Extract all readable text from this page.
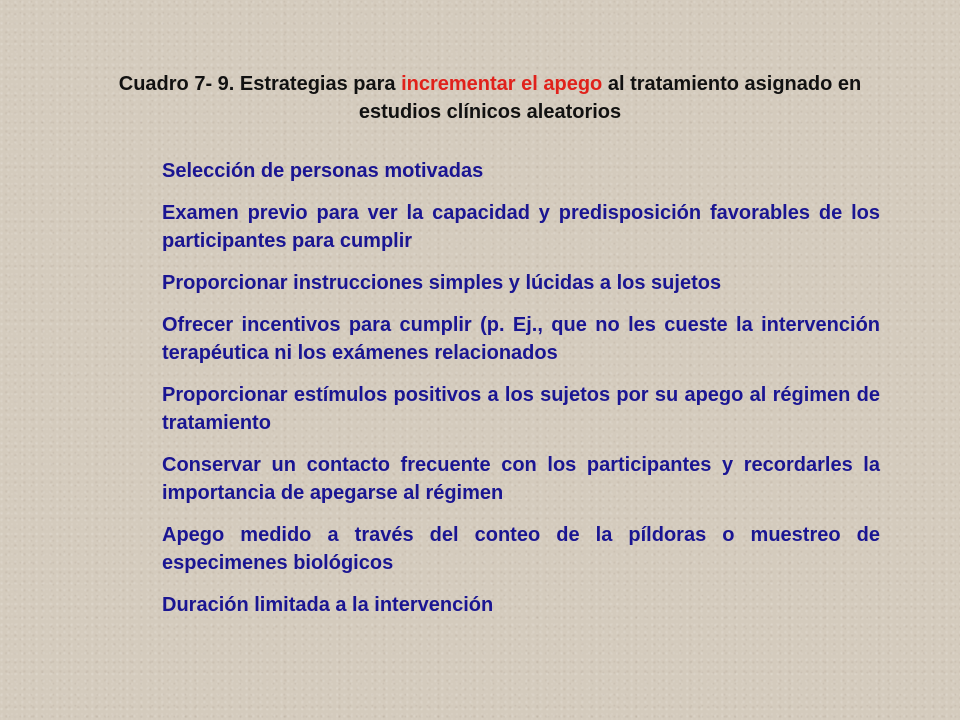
Cuadro 7- 9. Estrategias para incrementar el apego al tratamiento asignado en estudios clínicos aleatorios
Selección de personas motivadas
Examen previo para ver la capacidad y predisposición favorables de los participantes para cumplir
Proporcionar instrucciones simples y lúcidas a los sujetos
Ofrecer incentivos para cumplir (p. Ej., que no les cueste la intervención terapéutica ni los exámenes relacionados
Proporcionar estímulos positivos a los sujetos por su apego al régimen de tratamiento
Conservar un contacto frecuente con los participantes y recordarles la importancia de apegarse al régimen
Apego medido a través del conteo de la píldoras o muestreo de especimenes biológicos
Duración limitada a la intervención
